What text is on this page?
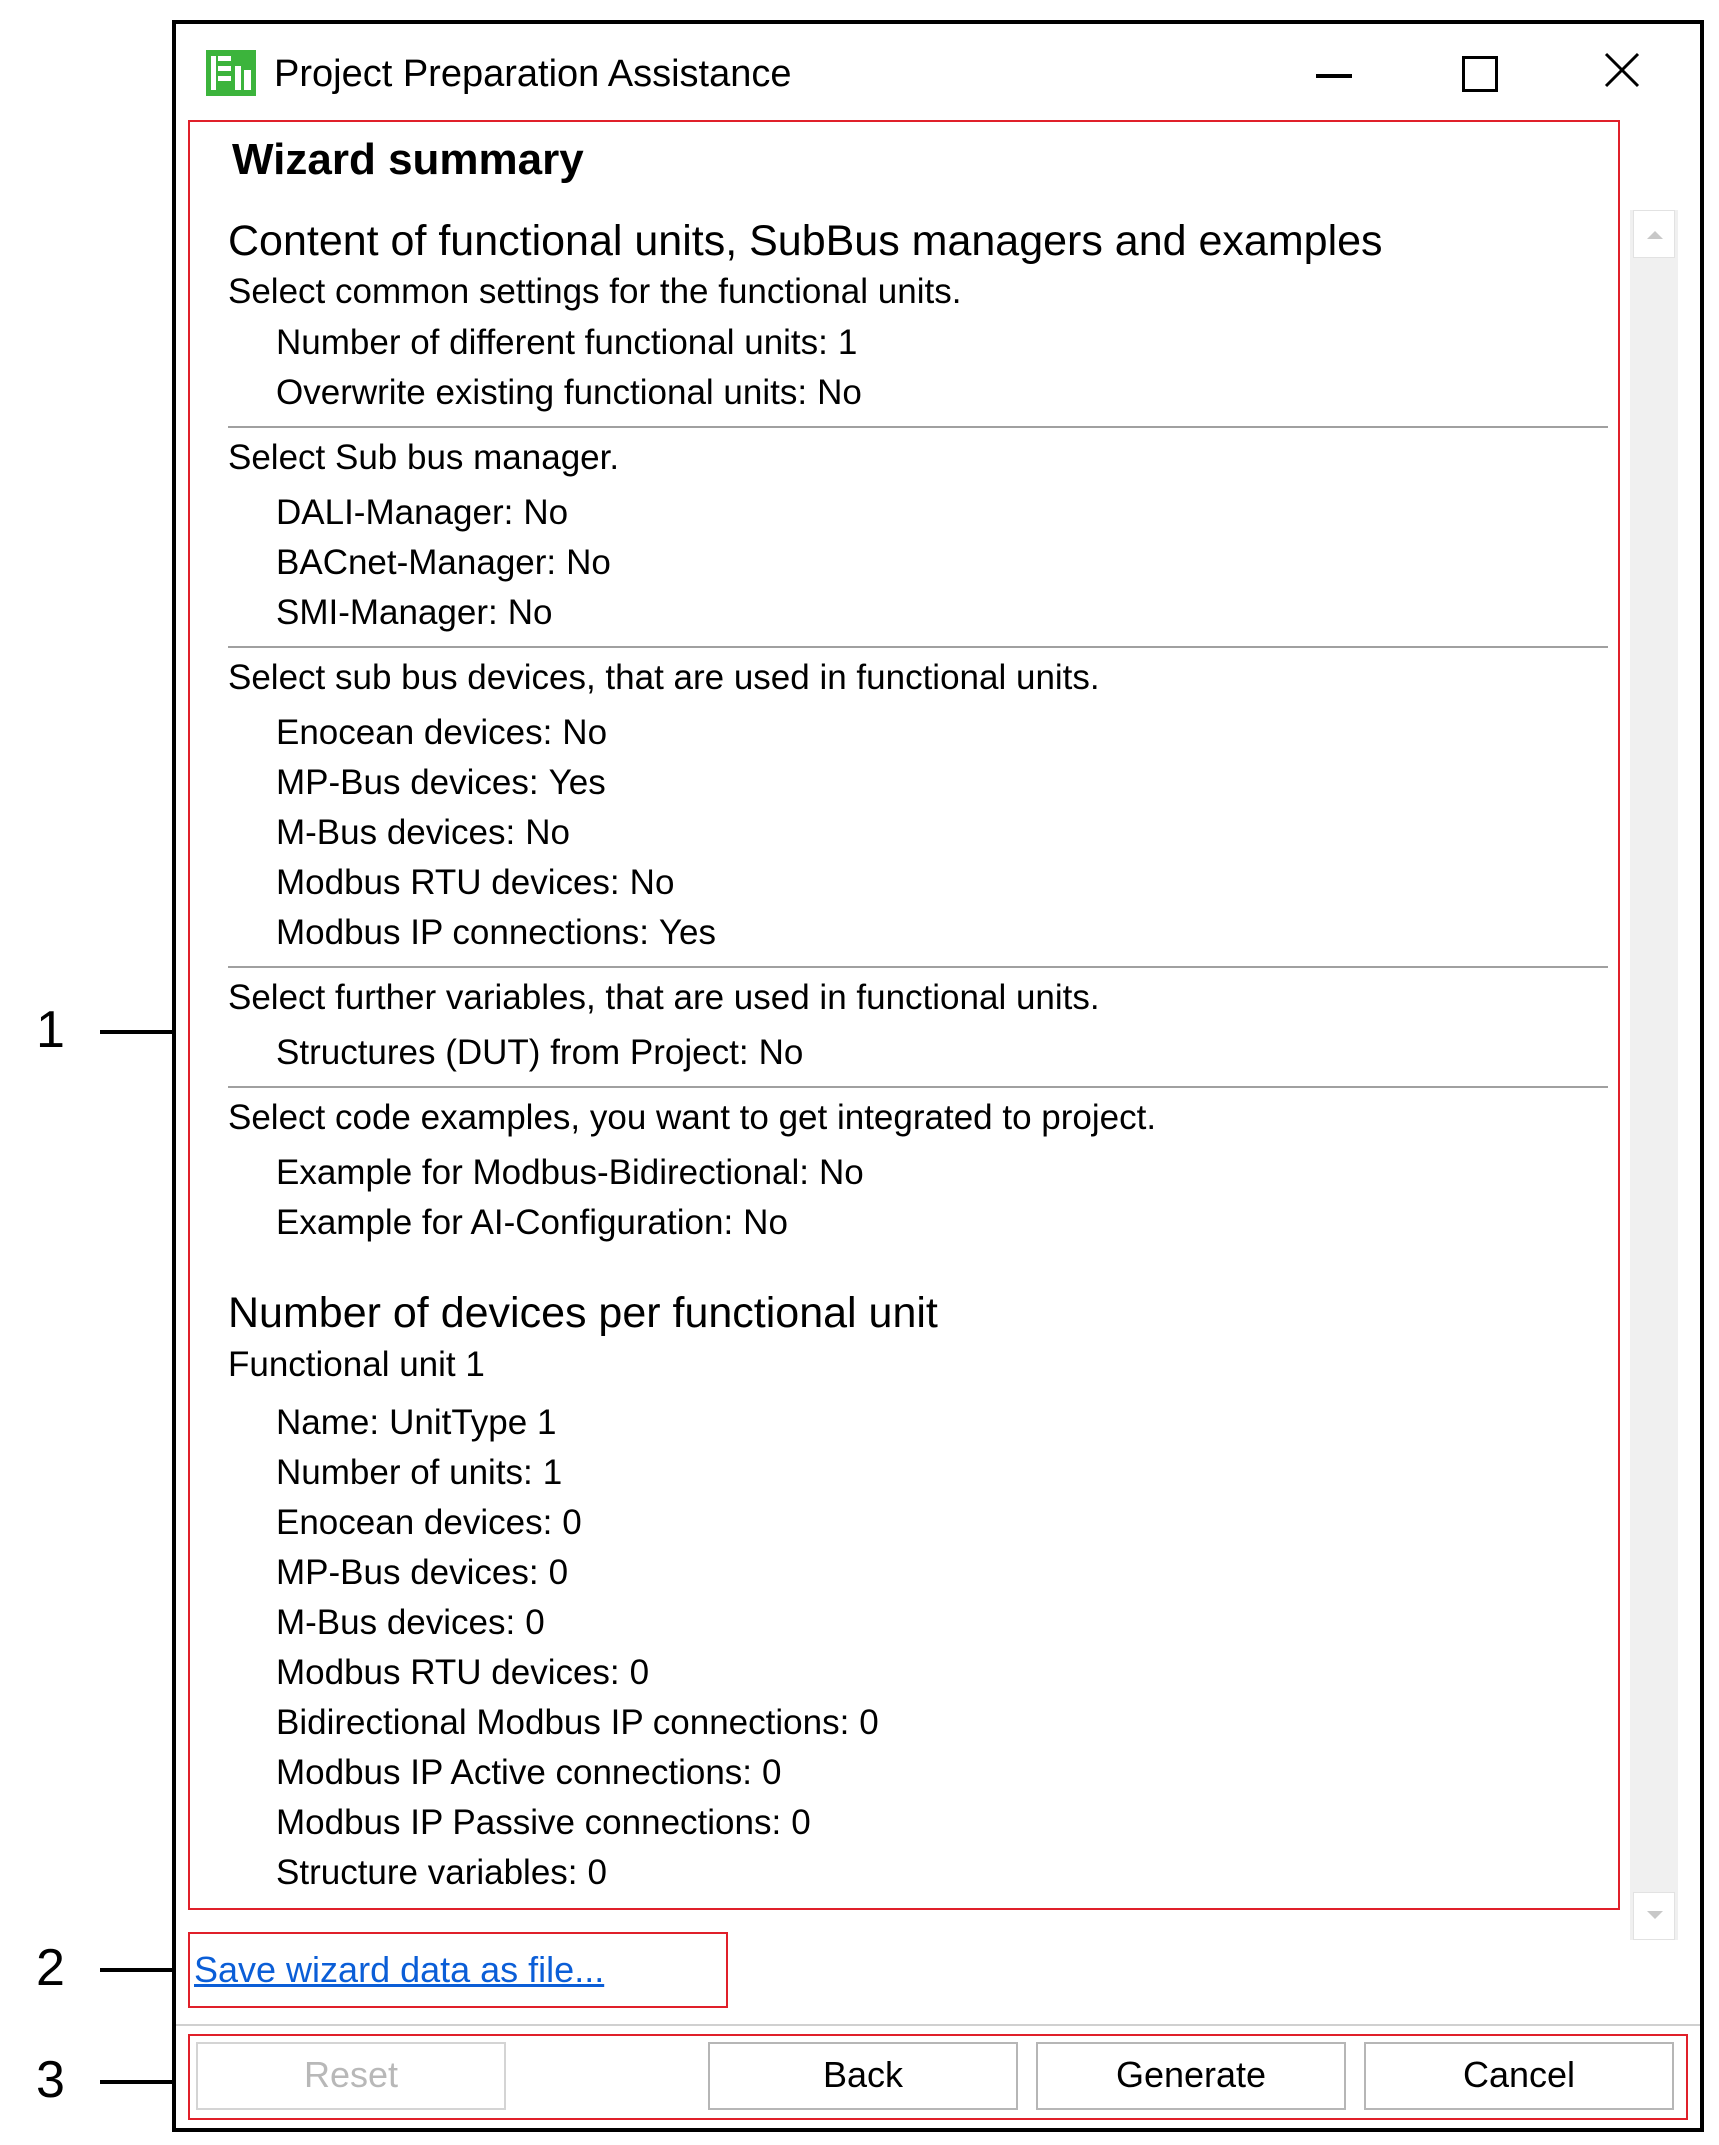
1
2
3
Project Preparation Assistance
Wizard summary
Content of functional units, SubBus managers and examples
Select common settings for the functional units.
Number of different functional units: 1
Overwrite existing functional units: No
Select Sub bus manager.
DALI-Manager: No
BACnet-Manager: No
SMI-Manager: No
Select sub bus devices, that are used in functional units.
Enocean devices: No
MP-Bus devices: Yes
M-Bus devices: No
Modbus RTU devices: No
Modbus IP connections: Yes
Select further variables, that are used in functional units.
Structures (DUT) from Project: No
Select code examples, you want to get integrated to project.
Example for Modbus-Bidirectional: No
Example for AI-Configuration: No
Number of devices per functional unit
Functional unit 1
Name: UnitType 1
Number of units: 1
Enocean devices: 0
MP-Bus devices: 0
M-Bus devices: 0
Modbus RTU devices: 0
Bidirectional Modbus IP connections: 0
Modbus IP Active connections: 0
Modbus IP Passive connections: 0
Structure variables: 0
Save wizard data as file...
Reset	Back	Generate	Cancel
